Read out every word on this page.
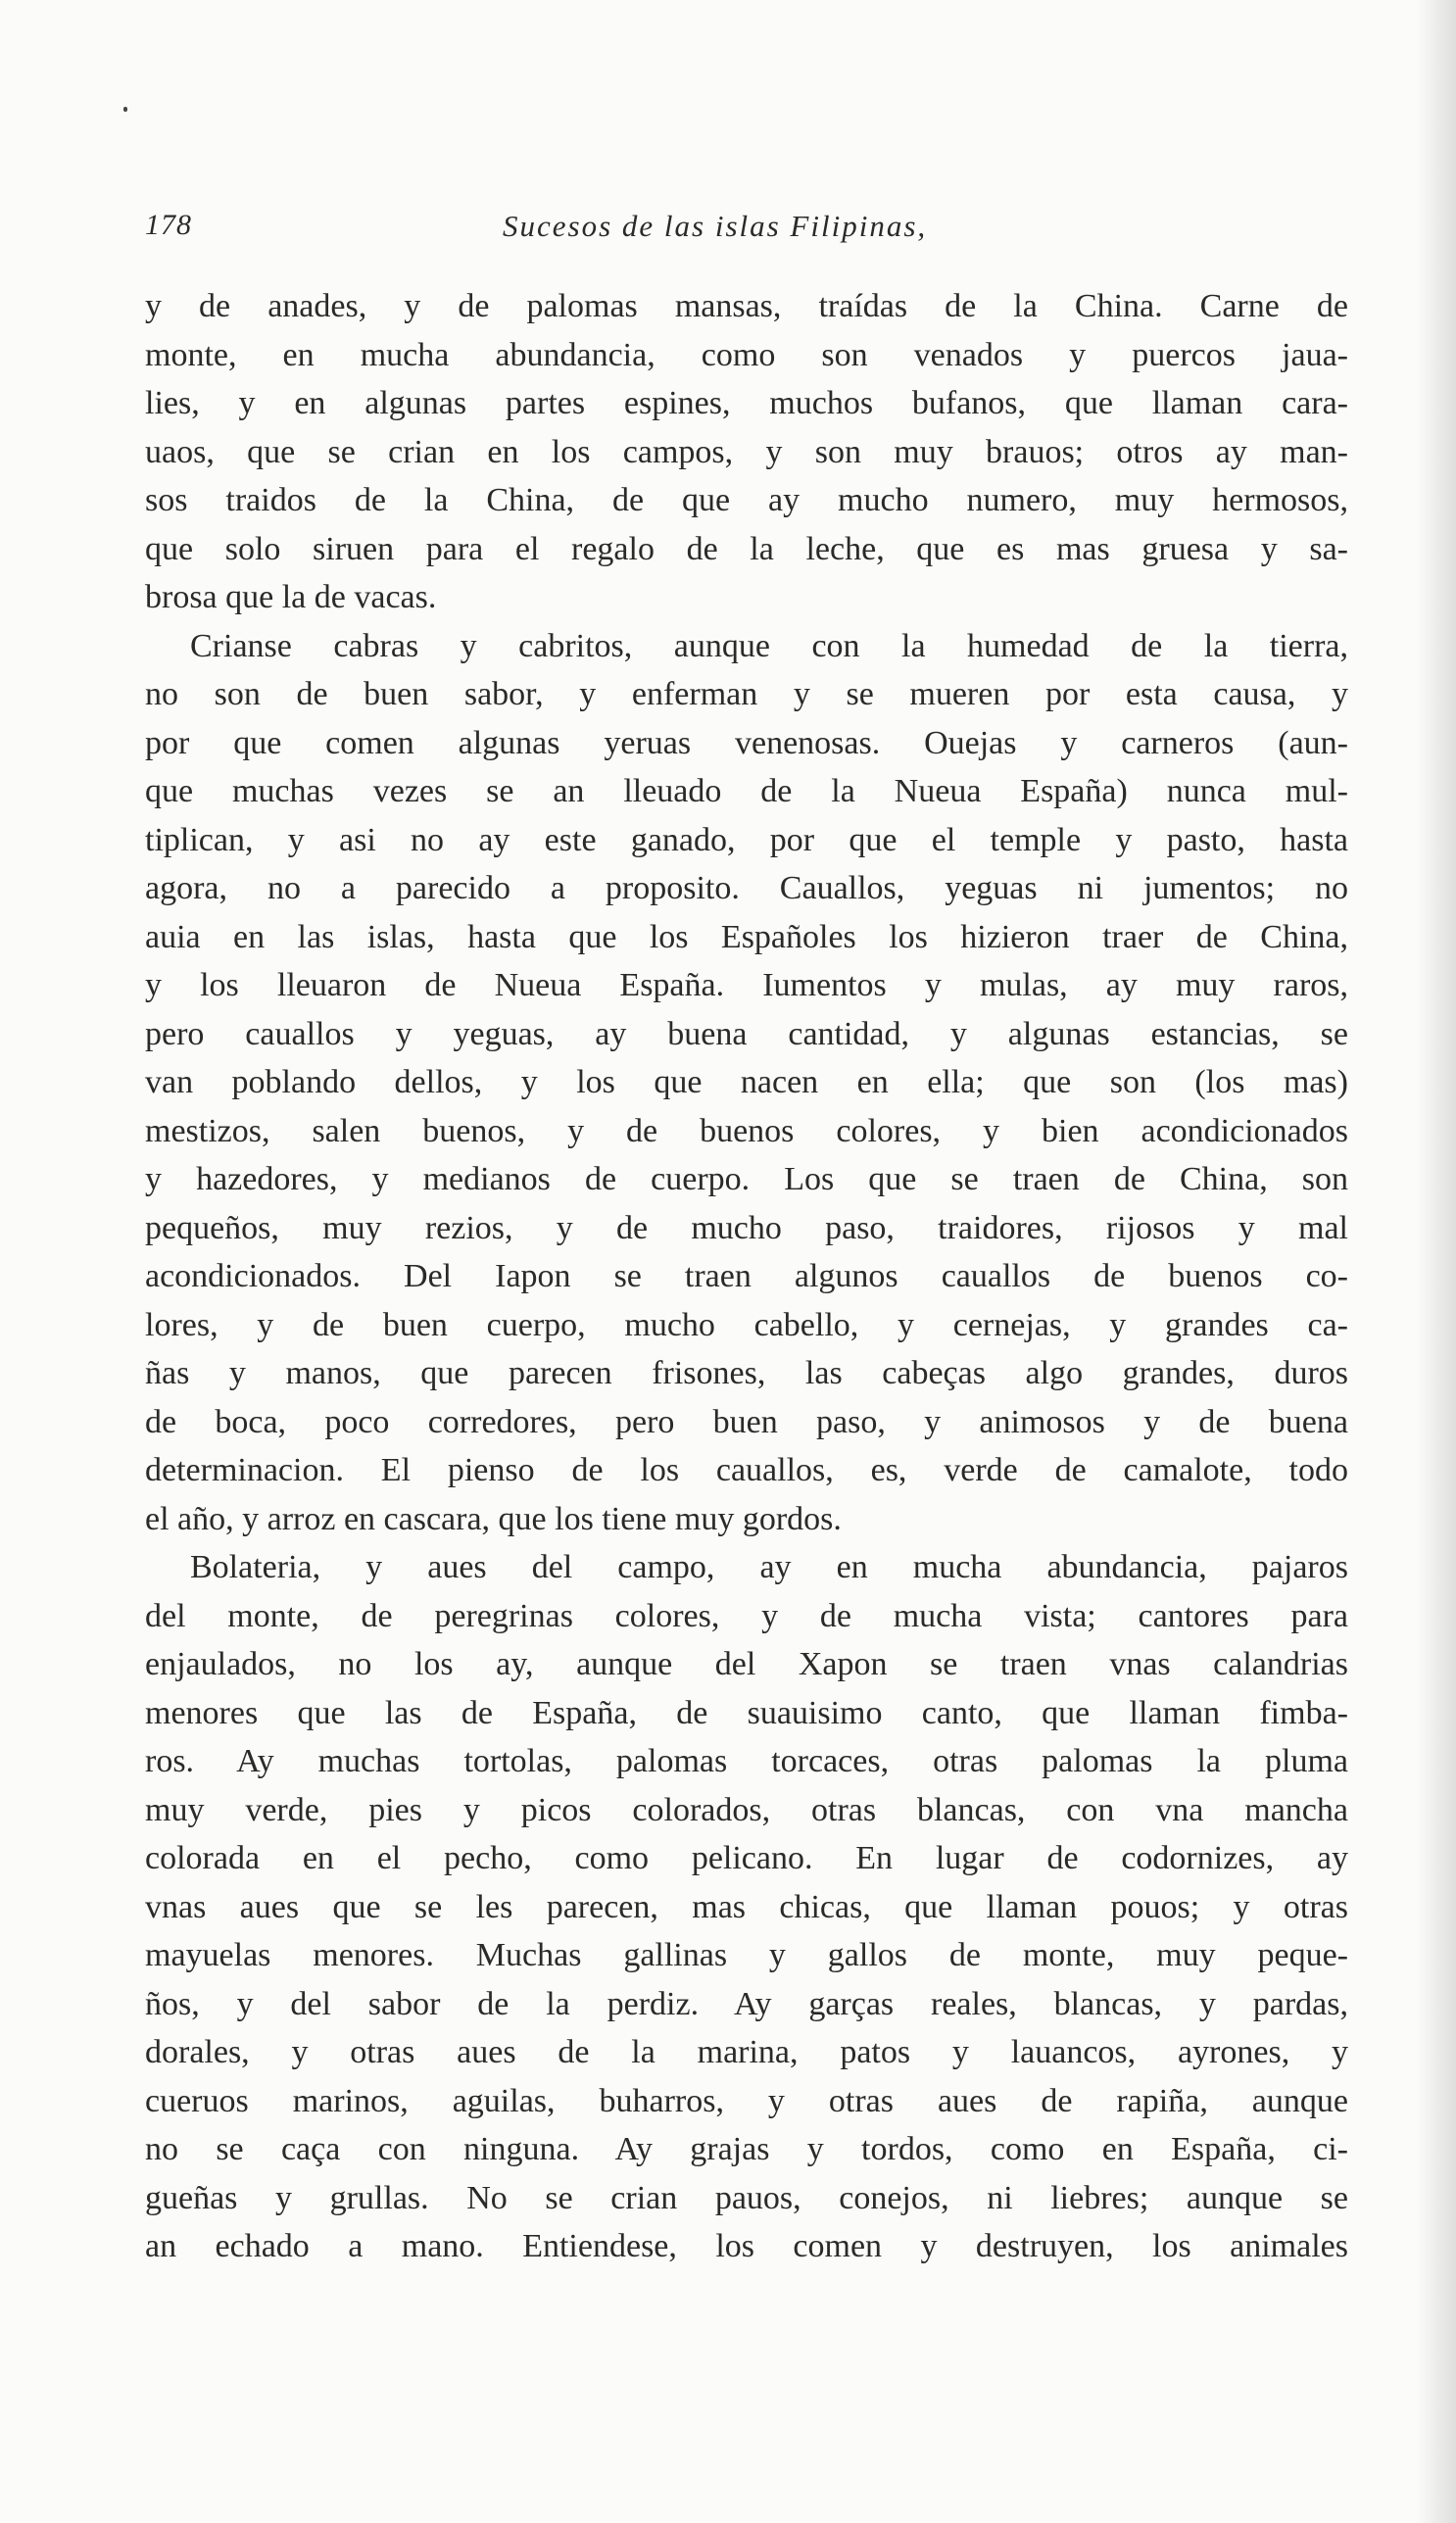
178	Sucesos de las islas Filipinas,
y de anades, y de palomas mansas, traídas de la China. Carne de
monte, en mucha abundancia, como son venados y puercos jaua-
lies, y en algunas partes espines, muchos bufanos, que llaman cara-
uaos, que se crian en los campos, y son muy brauos; otros ay man-
sos traidos de la China, de que ay mucho numero, muy hermosos,
que solo siruen para el regalo de la leche, que es mas gruesa y sa-
brosa que la de vacas.
Crianse cabras y cabritos, aunque con la humedad de la tierra,
no son de buen sabor, y enferman y se mueren por esta causa, y
por que comen algunas yeruas venenosas. Ouejas y carneros (aun-
que muchas vezes se an lleuado de la Nueua España) nunca mul-
tiplican, y asi no ay este ganado, por que el temple y pasto, hasta
agora, no a parecido a proposito. Cauallos, yeguas ni jumentos; no
auia en las islas, hasta que los Españoles los hizieron traer de China,
y los lleuaron de Nueua España. Iumentos y mulas, ay muy raros,
pero cauallos y yeguas, ay buena cantidad, y algunas estancias, se
van poblando dellos, y los que nacen en ella; que son (los mas)
mestizos, salen buenos, y de buenos colores, y bien acondicionados
y hazedores, y medianos de cuerpo. Los que se traen de China, son
pequeños, muy rezios, y de mucho paso, traidores, rijosos y mal
acondicionados. Del Iapon se traen algunos cauallos de buenos co-
lores, y de buen cuerpo, mucho cabello, y cernejas, y grandes ca-
ñas y manos, que parecen frisones, las cabeças algo grandes, duros
de boca, poco corredores, pero buen paso, y animosos y de buena
determinacion. El pienso de los cauallos, es, verde de camalote, todo
el año, y arroz en cascara, que los tiene muy gordos.
Bolateria, y aues del campo, ay en mucha abundancia, pajaros
del monte, de peregrinas colores, y de mucha vista; cantores para
enjaulados, no los ay, aunque del Xapon se traen vnas calandrias
menores que las de España, de suauisimo canto, que llaman fimba-
ros. Ay muchas tortolas, palomas torcaces, otras palomas la pluma
muy verde, pies y picos colorados, otras blancas, con vna mancha
colorada en el pecho, como pelicano. En lugar de codornizes, ay
vnas aues que se les parecen, mas chicas, que llaman pouos; y otras
mayuelas menores. Muchas gallinas y gallos de monte, muy peque-
ños, y del sabor de la perdiz. Ay garças reales, blancas, y pardas,
dorales, y otras aues de la marina, patos y lauancos, ayrones, y
cueruos marinos, aguilas, buharros, y otras aues de rapiña, aunque
no se caça con ninguna. Ay grajas y tordos, como en España, ci-
gueñas y grullas. No se crian pauos, conejos, ni liebres; aunque se
an echado a mano. Entiendese, los comen y destruyen, los animales
